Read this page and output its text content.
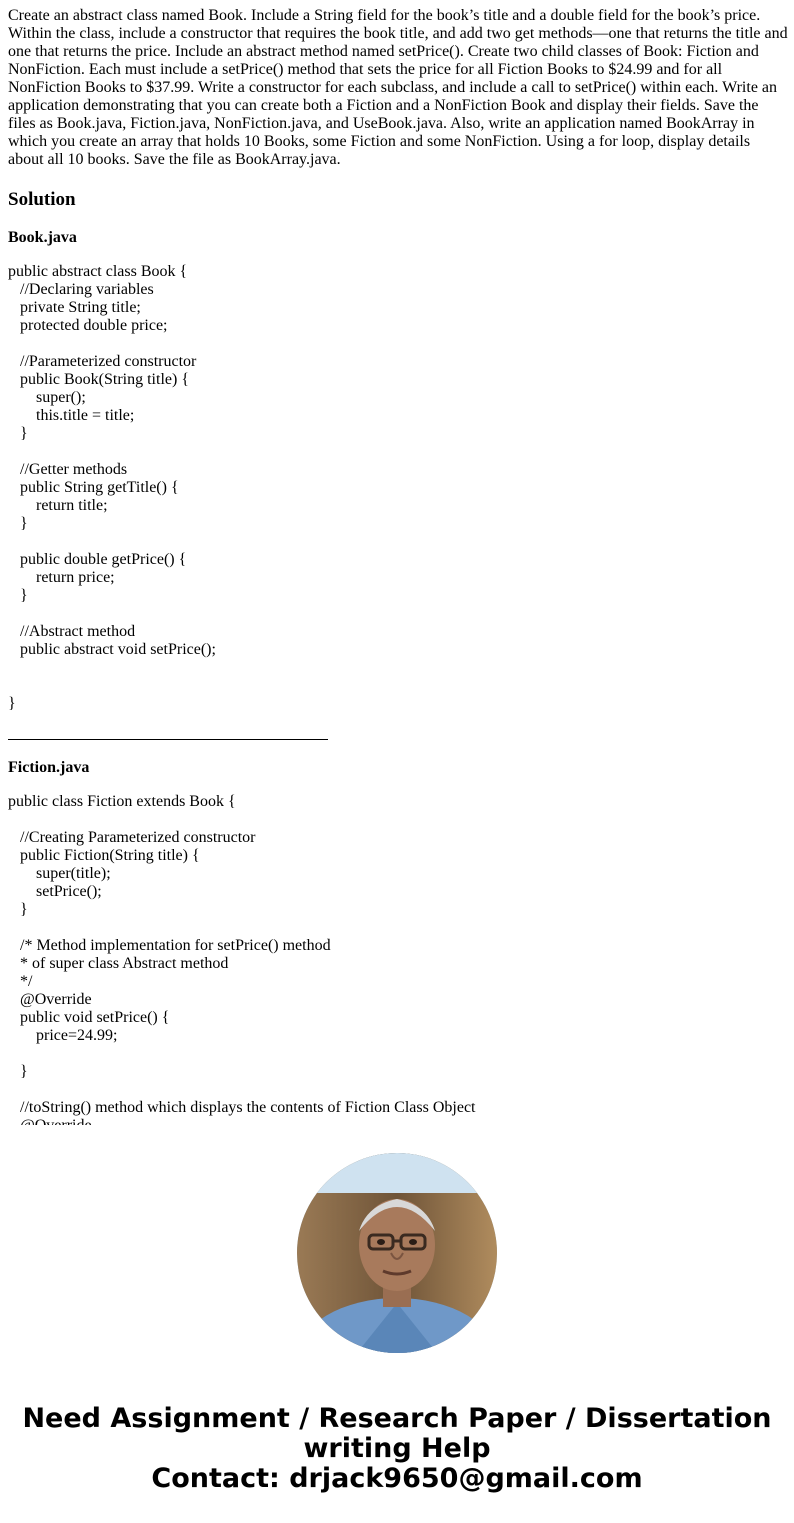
Create an abstract class named Book. Include a String field for the book’s title and a double field for the book’s price. Within the class, include a constructor that requires the book title, and add two get methods—one that returns the title and one that returns the price. Include an abstract method named setPrice(). Create two child classes of Book: Fiction and NonFiction. Each must include a setPrice() method that sets the price for all Fiction Books to $24.99 and for all NonFiction Books to $37.99. Write a constructor for each subclass, and include a call to setPrice() within each. Write an application demonstrating that you can create both a Fiction and a NonFiction Book and display their fields. Save the files as Book.java, Fiction.java, NonFiction.java, and UseBook.java. Also, write an application named BookArray in which you create an array that holds 10 Books, some Fiction and some NonFiction. Using a for loop, display details about all 10 books. Save the file as BookArray.java.

Solution

Book.java

public abstract class Book {
//Declaring variables
private String title;
protected double price;

//Parameterized constructor
public Book(String title) {
super();
this.title = title;
}

//Getter methods
public String getTitle() {
return title;
}

public double getPrice() {
return price;
}

//Abstract method
public abstract void setPrice();

}

Fiction.java

public class Fiction extends Book {

//Creating Parameterized constructor
public Fiction(String title) {
super(title);
setPrice();
}

/* Method implementation for setPrice() method
* of super class Abstract method
*/
@Override
public void setPrice() {
price=24.99;

}

//toString() method which displays the contents of Fiction Class Object

Need Assignment / Research Paper / Dissertation
writing Help
Contact: drjack9650@gmail.com
